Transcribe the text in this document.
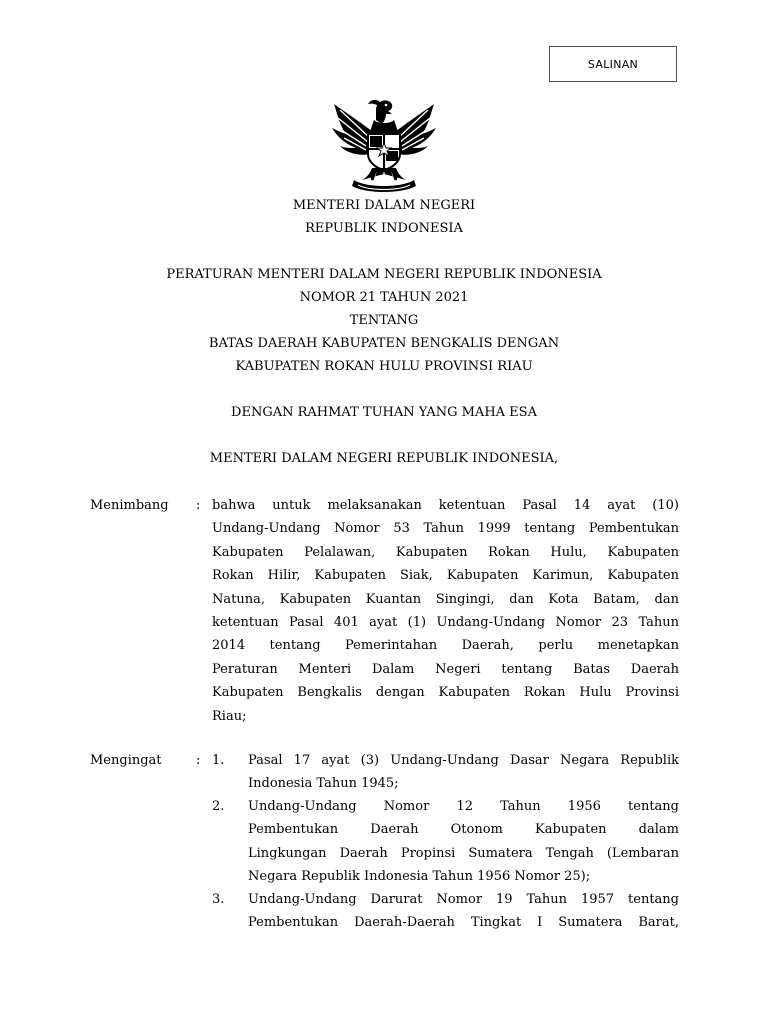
SALINAN
MENTERI DALAM NEGERI
REPUBLIK INDONESIA
PERATURAN MENTERI DALAM NEGERI REPUBLIK INDONESIA
NOMOR 21 TAHUN 2021
TENTANG
BATAS DAERAH KABUPATEN BENGKALIS DENGAN
KABUPATEN ROKAN HULU PROVINSI RIAU
DENGAN RAHMAT TUHAN YANG MAHA ESA
MENTERI DALAM NEGERI REPUBLIK INDONESIA,
Menimbang : bahwa untuk melaksanakan ketentuan Pasal 14 ayat (10)
Undang-Undang Nomor 53 Tahun 1999 tentang Pembentukan
Kabupaten Pelalawan, Kabupaten Rokan Hulu, Kabupaten
Rokan Hilir, Kabupaten Siak, Kabupaten Karimun, Kabupaten
Natuna, Kabupaten Kuantan Singingi, dan Kota Batam, dan
ketentuan Pasal 401 ayat (1) Undang-Undang Nomor 23 Tahun
2014 tentang Pemerintahan Daerah, perlu menetapkan
Peraturan Menteri Dalam Negeri tentang Batas Daerah
Kabupaten Bengkalis dengan Kabupaten Rokan Hulu Provinsi
Riau;
Mengingat	: 1. Pasal 17 ayat (3) Undang-Undang Dasar Negara Republik
Indonesia Tahun 1945;
2. Undang-Undang Nomor 12 Tahun 1956 tentang
Pembentukan Daerah Otonom Kabupaten dalam
Lingkungan Daerah Propinsi Sumatera Tengah (Lembaran
Negara Republik Indonesia Tahun 1956 Nomor 25);
3. Undang-Undang Darurat Nomor 19 Tahun 1957 tentang
Pembentukan Daerah-Daerah Tingkat I Sumatera Barat,
